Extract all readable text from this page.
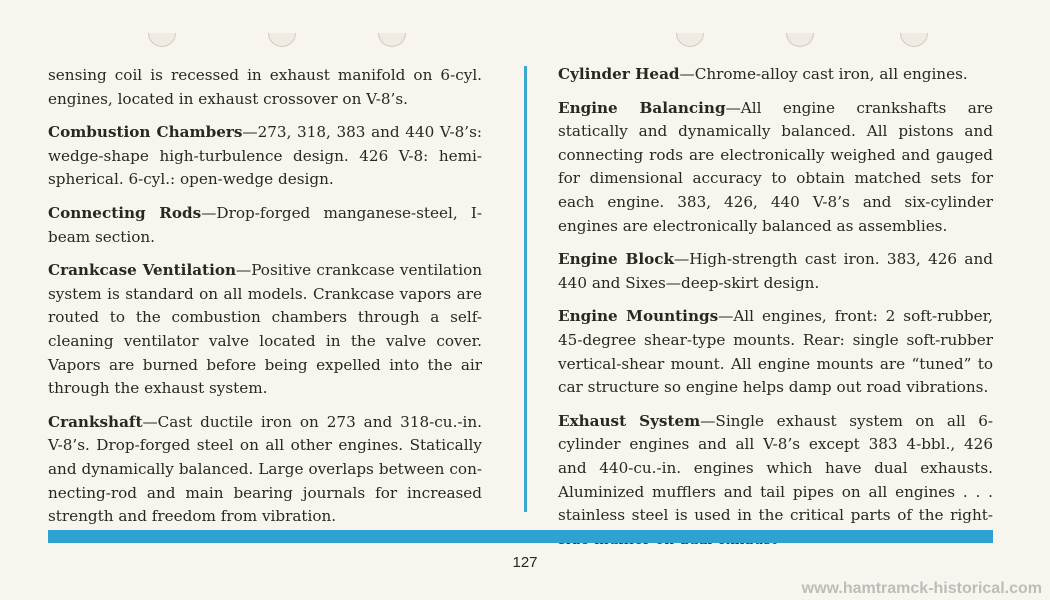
sensing coil is recessed in exhaust manifold on 6-cyl. engines, located in exhaust crossover on V-8’s.

Combustion Chambers—273, 318, 383 and 440 V-8’s: wedge-shape high-turbulence design. 426 V-8: hemispherical. 6-cyl.: open-wedge design.

Connecting Rods—Drop-forged manganese-steel, I-beam section.

Crankcase Ventilation—Positive crankcase ventilation system is standard on all models. Crankcase vapors are routed to the combustion chambers through a self-cleaning ventilator valve located in the valve cover. Vapors are burned before being expelled into the air through the exhaust system.

Crankshaft—Cast ductile iron on 273 and 318-cu.-in. V-8’s. Drop-forged steel on all other engines. Statically and dynamically balanced. Large overlaps between connecting-rod and main bearing journals for increased strength and freedom from vibration.

Cylinder Head—Chrome-alloy cast iron, all engines.

Engine Balancing—All engine crankshafts are statically and dynamically balanced. All pistons and connecting rods are electronically weighed and gauged for dimensional accuracy to obtain matched sets for each engine. 383, 426, 440 V-8’s and six-cylinder engines are electronically balanced as assemblies.

Engine Block—High-strength cast iron. 383, 426 and 440 and Sixes—deep-skirt design.

Engine Mountings—All engines, front: 2 soft-rubber, 45-degree shear-type mounts. Rear: single soft-rubber vertical-shear mount. All engine mounts are “tuned” to car structure so engine helps damp out road vibrations.

Exhaust System—Single exhaust system on all 6-cylinder engines and all V-8’s except 383 4-bbl., 426 and 440-cu.-in. engines which have dual exhausts. Aluminized mufflers and tail pipes on all engines . . . stainless steel is used in the critical parts of the right-

127
www.hamtramck-historical.com
